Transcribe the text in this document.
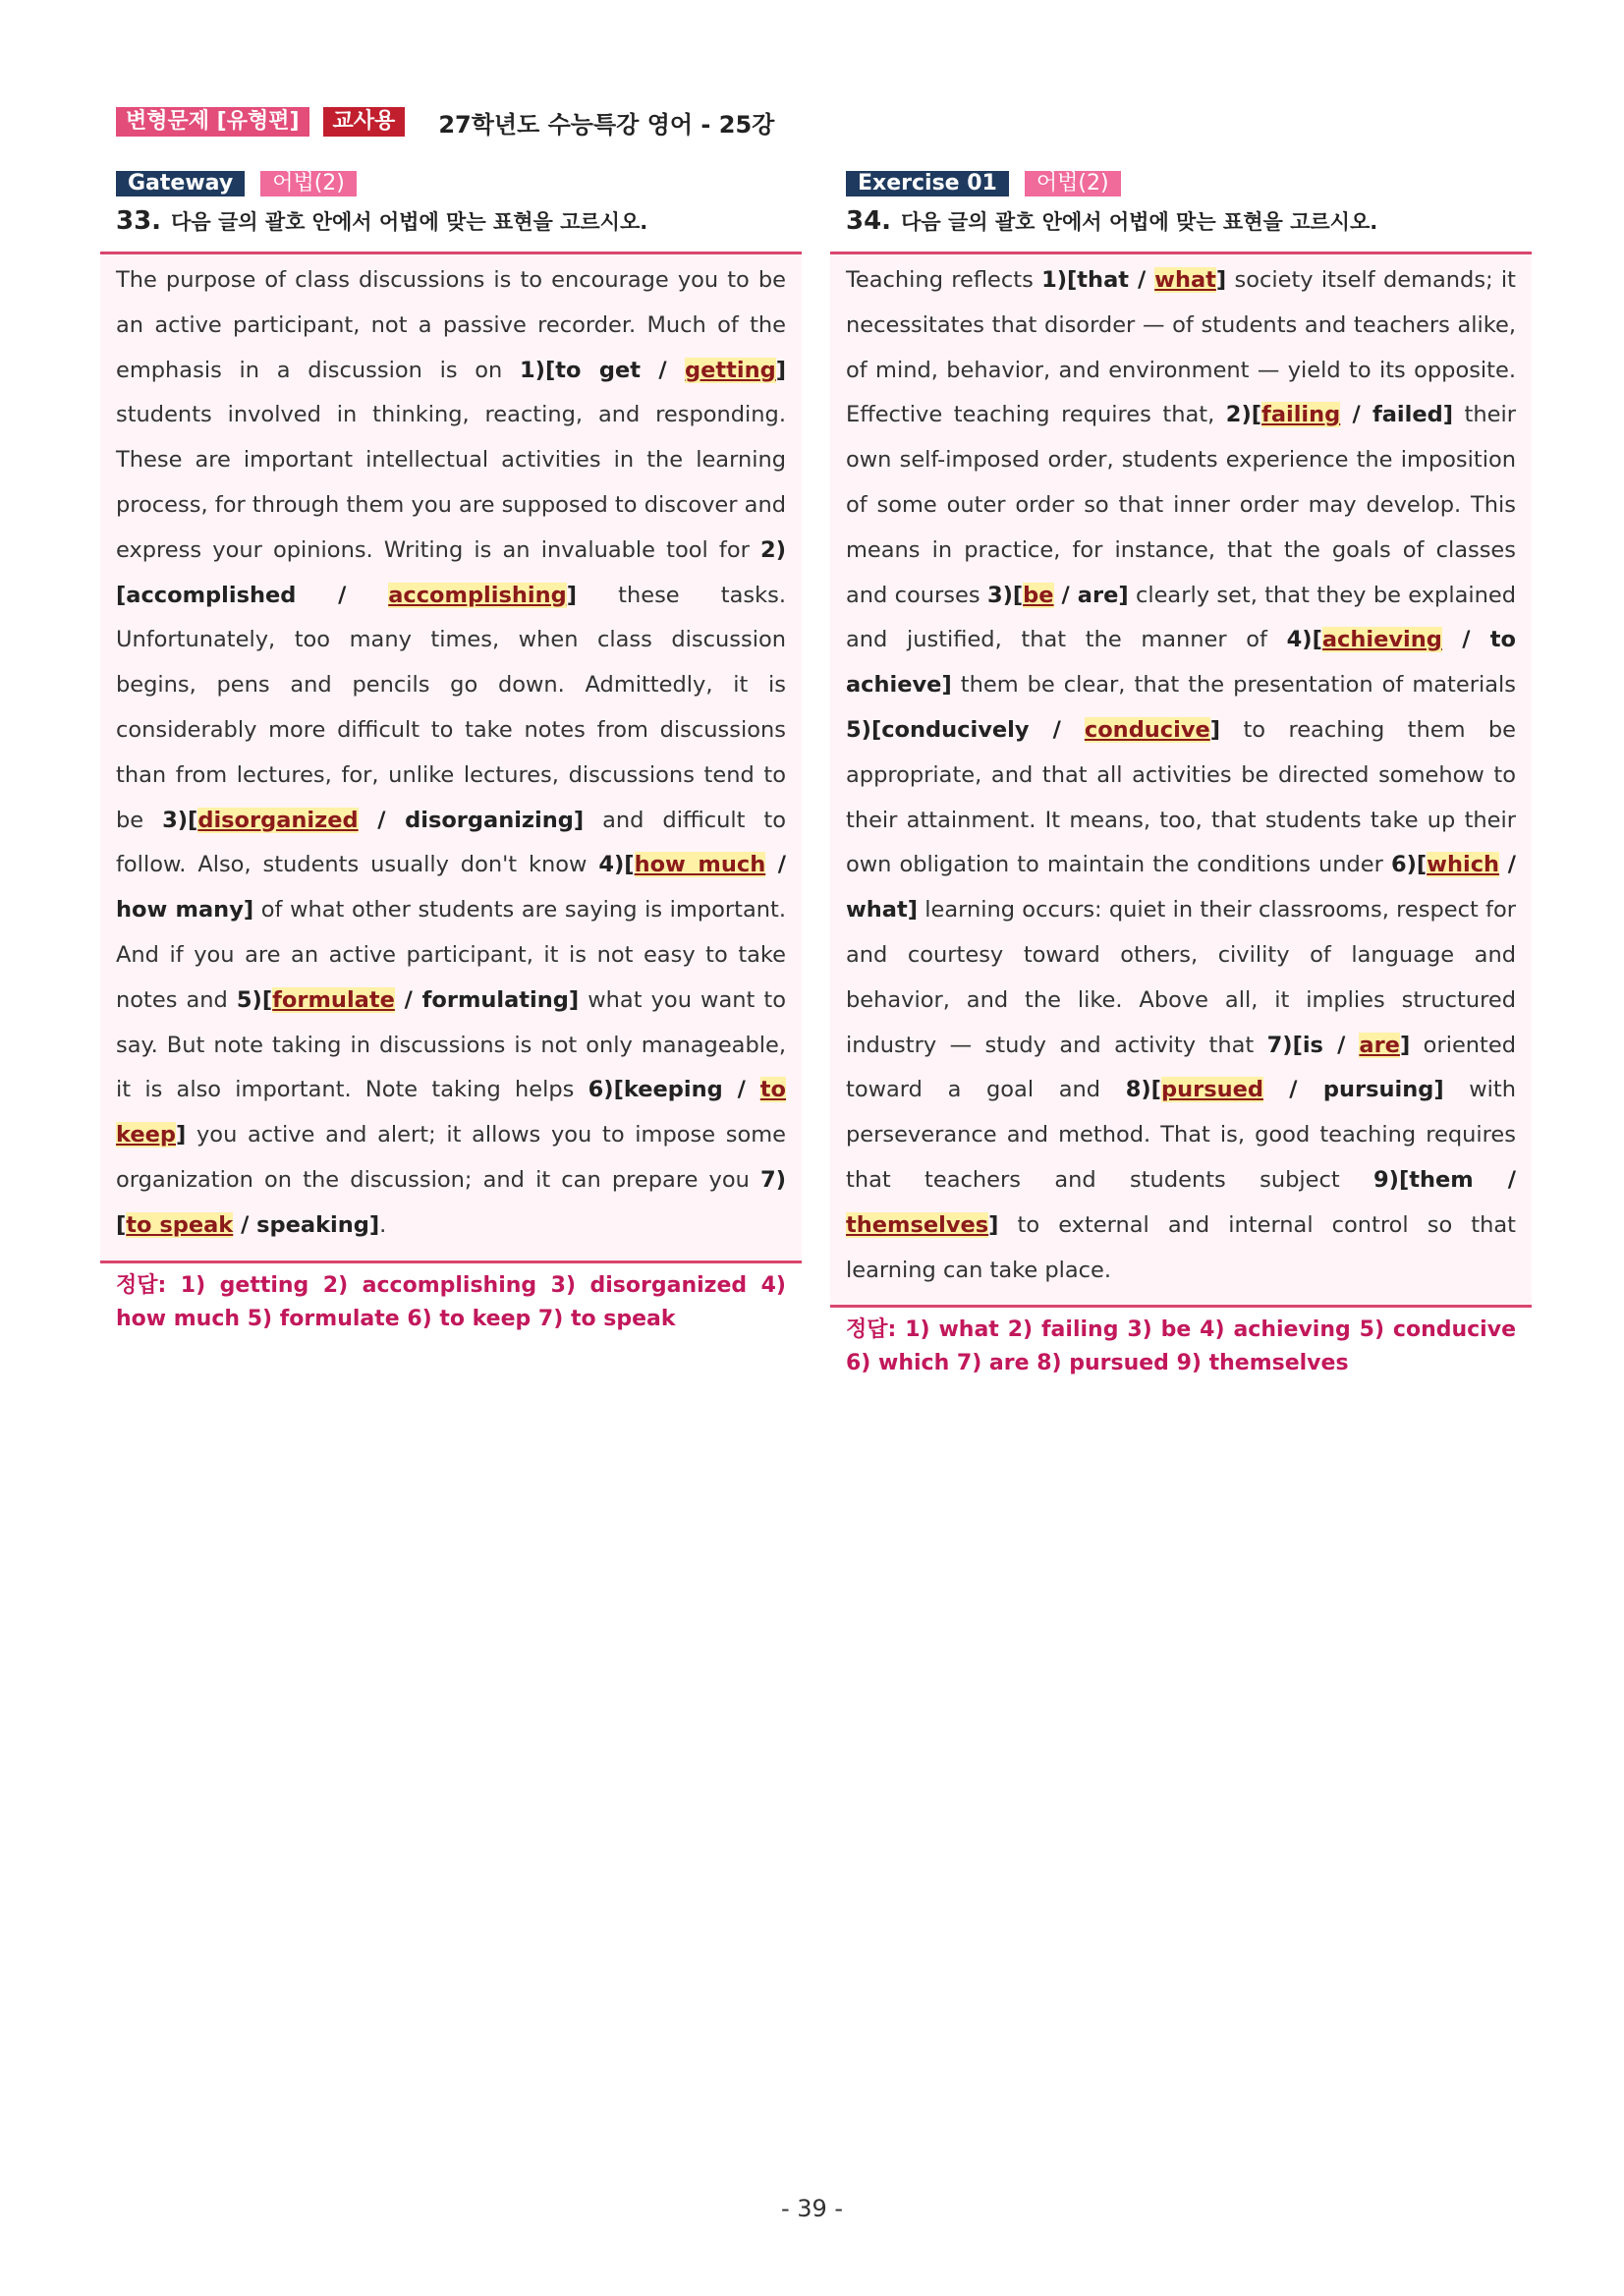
변형문제 [유형편]	교사용	27학년도 수능특강 영어 - 25강
Gateway	어법(2)
33. 다음 글의 괄호 안에서 어법에 맞는 표현을 고르시오.

The purpose of class discussions is to encourage you to be an active participant, not a passive recorder. Much of the emphasis in a discussion is on 1)[to get / getting] students involved in thinking, reacting, and responding. These are important intellectual activities in the learning process, for through them you are supposed to discover and express your opinions. Writing is an invaluable tool for 2)[accomplished / accomplishing] these tasks. Unfortunately, too many times, when class discussion begins, pens and pencils go down. Admittedly, it is considerably more difficult to take notes from discussions than from lectures, for, unlike lectures, discussions tend to be 3)[disorganized / disorganizing] and difficult to follow. Also, students usually don't know 4)[how much / how many] of what other students are saying is important. And if you are an active participant, it is not easy to take notes and 5)[formulate / formulating] what you want to say. But note taking in discussions is not only manageable, it is also important. Note taking helps 6)[keeping / to keep] you active and alert; it allows you to impose some organization on the discussion; and it can prepare you 7)[to speak / speaking].

정답: 1) getting 2) accomplishing 3) disorganized 4) how much 5) formulate 6) to keep 7) to speak
Exercise 01	어법(2)
34. 다음 글의 괄호 안에서 어법에 맞는 표현을 고르시오.

Teaching reflects 1)[that / what] society itself demands; it necessitates that disorder — of students and teachers alike, of mind, behavior, and environment — yield to its opposite. Effective teaching requires that, 2)[failing / failed] their own self-imposed order, students experience the imposition of some outer order so that inner order may develop. This means in practice, for instance, that the goals of classes and courses 3)[be / are] clearly set, that they be explained and justified, that the manner of 4)[achieving / to achieve] them be clear, that the presentation of materials 5)[conducively / conducive] to reaching them be appropriate, and that all activities be directed somehow to their attainment. It means, too, that students take up their own obligation to maintain the conditions under 6)[which / what] learning occurs: quiet in their classrooms, respect for and courtesy toward others, civility of language and behavior, and the like. Above all, it implies structured industry — study and activity that 7)[is / are] oriented toward a goal and 8)[pursued / pursuing] with perseverance and method. That is, good teaching requires that teachers and students subject 9)[them / themselves] to external and internal control so that learning can take place.

정답: 1) what 2) failing 3) be 4) achieving 5) conducive 6) which 7) are 8) pursued 9) themselves
- 39 -
